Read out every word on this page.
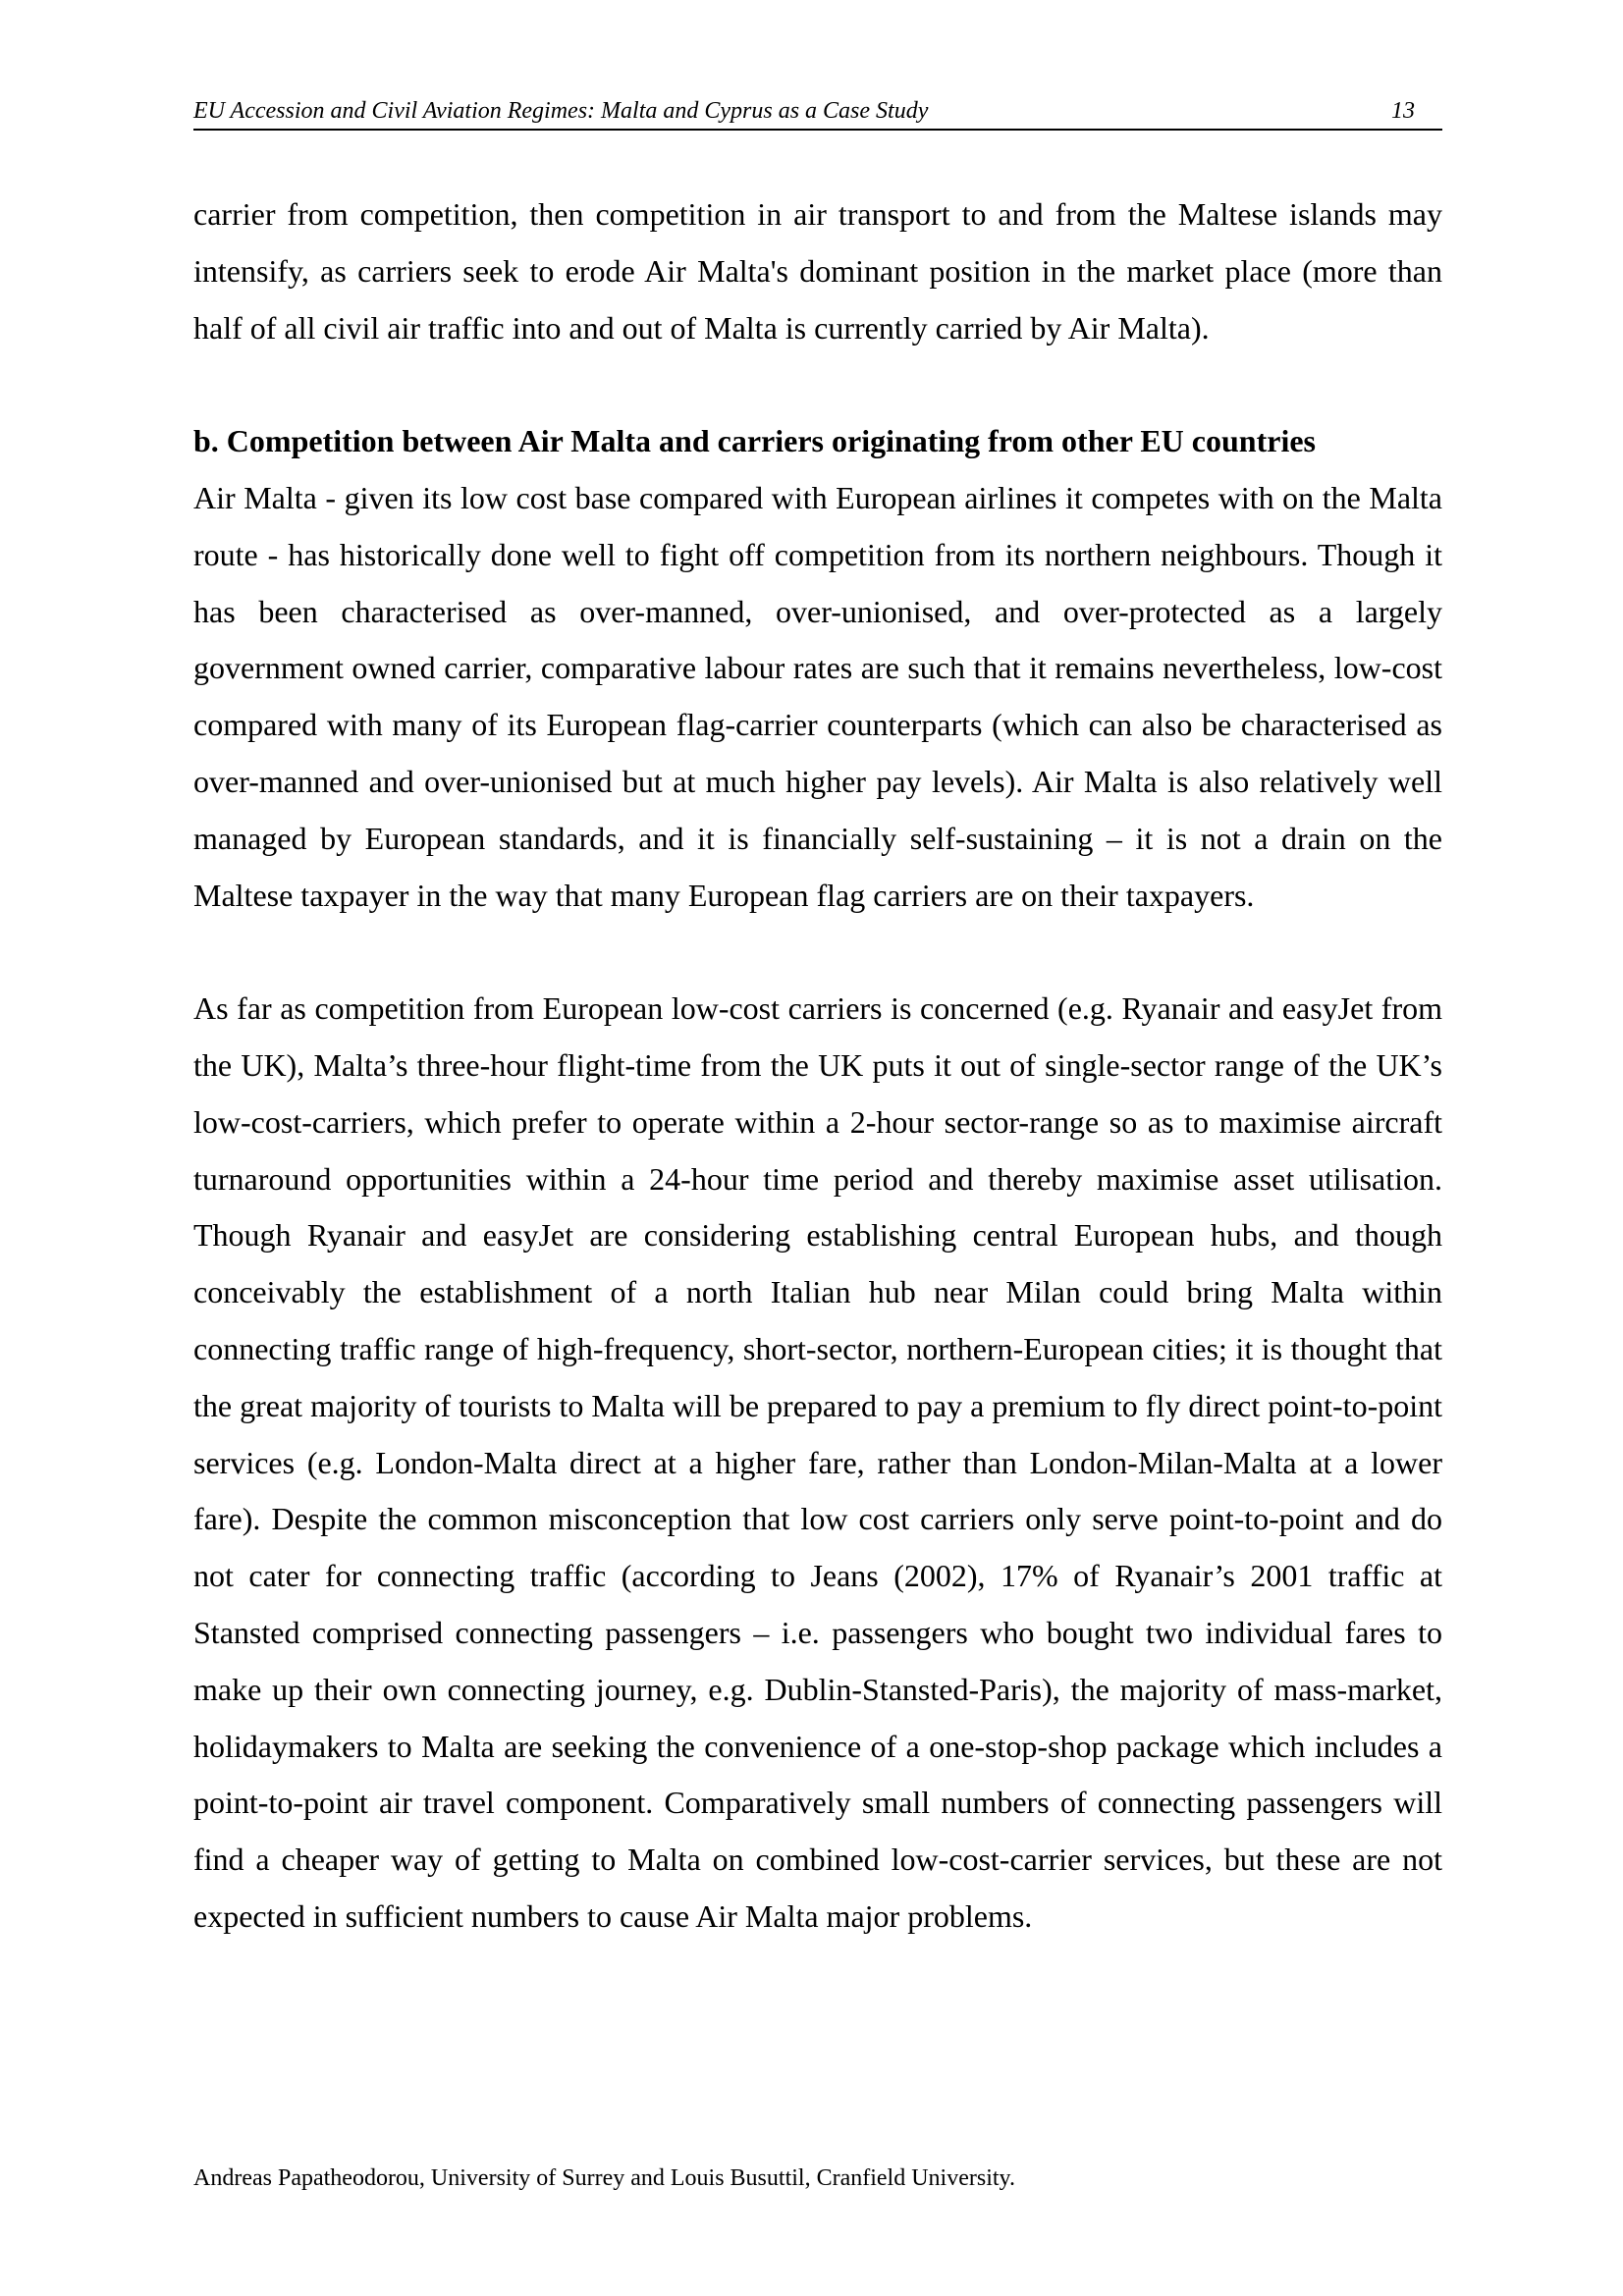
EU Accession and Civil Aviation Regimes: Malta and Cyprus as a Case Study	13

carrier from competition, then competition in air transport to and from the Maltese islands may intensify, as carriers seek to erode Air Malta's dominant position in the market place (more than half of all civil air traffic into and out of Malta is currently carried by Air Malta).

b. Competition between Air Malta and carriers originating from other EU countries

Air Malta - given its low cost base compared with European airlines it competes with on the Malta route - has historically done well to fight off competition from its northern neighbours. Though it has been characterised as over-manned, over-unionised, and over-protected as a largely government owned carrier, comparative labour rates are such that it remains nevertheless, low-cost compared with many of its European flag-carrier counterparts (which can also be characterised as over-manned and over-unionised but at much higher pay levels). Air Malta is also relatively well managed by European standards, and it is financially self-sustaining – it is not a drain on the Maltese taxpayer in the way that many European flag carriers are on their taxpayers.

As far as competition from European low-cost carriers is concerned (e.g. Ryanair and easyJet from the UK), Malta’s three-hour flight-time from the UK puts it out of single-sector range of the UK’s low-cost-carriers, which prefer to operate within a 2-hour sector-range so as to maximise aircraft turnaround opportunities within a 24-hour time period and thereby maximise asset utilisation. Though Ryanair and easyJet are considering establishing central European hubs, and though conceivably the establishment of a north Italian hub near Milan could bring Malta within connecting traffic range of high-frequency, short-sector, northern-European cities; it is thought that the great majority of tourists to Malta will be prepared to pay a premium to fly direct point-to-point services (e.g. London-Malta direct at a higher fare, rather than London-Milan-Malta at a lower fare). Despite the common misconception that low cost carriers only serve point-to-point and do not cater for connecting traffic (according to Jeans (2002), 17% of Ryanair’s 2001 traffic at Stansted comprised connecting passengers – i.e. passengers who bought two individual fares to make up their own connecting journey, e.g. Dublin-Stansted-Paris), the majority of mass-market, holidaymakers to Malta are seeking the convenience of a one-stop-shop package which includes a point-to-point air travel component. Comparatively small numbers of connecting passengers will find a cheaper way of getting to Malta on combined low-cost-carrier services, but these are not expected in sufficient numbers to cause Air Malta major problems.

Andreas Papatheodorou, University of Surrey and Louis Busuttil, Cranfield University.
